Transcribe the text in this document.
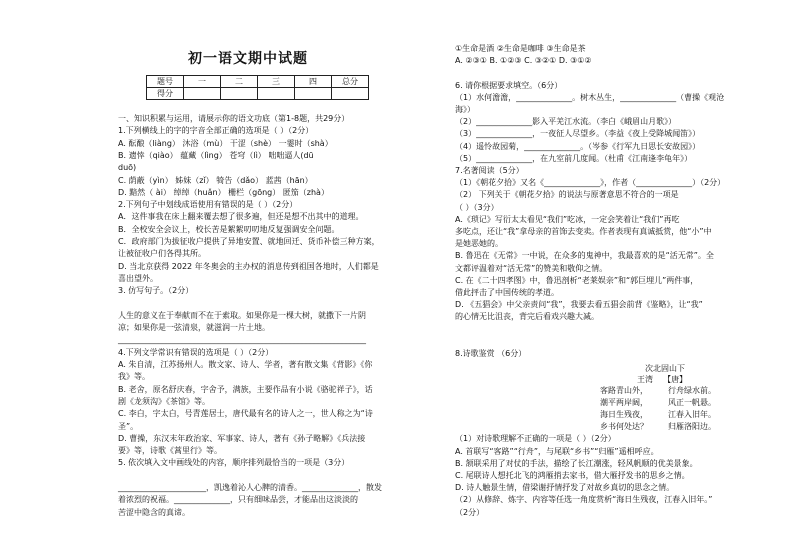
初一语文期中试题
题号	一	二	三	四	总分
得分					
一、知识积累与运用，请展示你的语文功底（第1-8题，共29分）
1.下列横线上的字的字音全部正确的选项是（ ）（2分）
A. 酝酿（liàng） 沐浴（mù） 干涩（shè） 一霎时（shà）
B. 遗悻（qiào） 蕴藏（lìng） 苍穹（lì） 咄咄逼人(dū
duō)
C. 荫蔽（yìn） 姊妹（zǐ） 犄告（dǎo） 蓝茜（hān）
D. 黯然（ ài） 绰绰（huǎn） 栅栏（gōng） 匿笳（zhà）
2.下列句子中划线成语使用有错误的是（ ）（2分）
A．这件事我在床上翻来覆去想了很多遍，但还是想不出其中的道理。
B．全校安全会议上，校长苦是絮絮叨叨地反复强调安全问题。
C．政府部门为拔征收户提供了异地安置、就地回迁、货币补偿三种方案，
让被征收户们各得其所。
D. 当北京获得 2022 年冬奥会的主办权的消息传到祖国各地时，人们都是
喜出望外。
3. 仿写句子。（2分）
人生的意义在于奉献而不在于索取。如果你是一棵大树，就撒下一片阴
凉；如果你是一弦清泉，就滋润一片土地。
______________________________________________________________
4.下列文学常识有错误的选项是（ ）（2分）
A. 朱自清，江苏扬州人。散文家、诗人、学者，著有散文集《背影》《你
我》等。
B. 老舍，原名舒庆春，字舍予，满族，主要作品有小说《骆驼祥子》，话
剧《龙须沟》《茶馆》等。
C. 李白，字太白，号青莲居士，唐代最有名的诗人之一，世人称之为“诗
圣”。
D. 曹操，东汉末年政治家、军事家、诗人，著有《孙子略解》《兵法接
要》等，诗歌《蒿里行》等。
5. 依次填入文中画线处的内容，顺序排列最恰当的一项是（3分）
______________________，凯逸着沁人心脾的清香。______________，散发
着浓烈的祝福。______________，只有细味品尝，才能品出这淡淡的
苦涩中隐含的真谛。
①生命是酒 ②生命是咖啡 ③生命是茶
A. ②③① B. ①②③ C. ③②① D. ③①②
6. 请你根据要求填空。（6分）
（1）水何澹澹，______________。树木丛生，______________（曹操《观沧
海》）
（2）______________影入平羌江水流。（李白《峨眉山月歌》）
（3）______________，一夜征人尽望乡。（李益《夜上受降城闻笛》）
（4）遥怜故园菊，______________。（岑参《行军九日思长安故园》）
（5）______________，在九室前几度闻。（杜甫《江南逢李龟年》）
7.名著阅读（5分）
（1）《朝花夕拾》又名《______________》，作者（______________）（2分）
（2） 下列关于《朝花夕拾》的说法与原著意思不符合的一项是
（ ）（3分）
A.《琐记》写衍太太看见“我们”吃冰，一定会笑着让“我们”再吃
多吃点，还让“我”拿母亲的首饰去变卖。作者表现有真诚抵赏，他“小”中
是她恶她的。
B. 鲁迅在《无常》一中说，在众多的鬼神中，我最喜欢的是“活无常”。全
文都评温着对“活无常”的赞美和敬仰之情。
C. 在《二十四孝图》中，鲁迅剖析“老莱娱亲”和“郭巨埋儿”两件事，
借此抨击了中国传统的孝道。
D. 《五猖会》中父亲责问“我”，我要去看五猖会前背《鉴略》，让“我”
的心情无比沮丧，背完后看戏兴趣大减。
8.诗歌鉴赏 （6分）
（1）对诗歌理解不正确的一项是（ ）（2分）
A. 首联写“客路”“行舟”，与尾联“乡书”“归雁”遥相呼应。
B. 颔联采用了对仗的手法，描绘了长江潮涨，轻风帆顺的优美景象。
C. 尾联诗人想托北飞的鸿雁捎去家书，借大雁抒发书的思乡之情。
D. 诗人触景生情，借梁谢抒情抒发了对故乡真切的思念之情。
（2）从修辞、炼字、内容等任选一角度赏析“海日生残夜，江春入旧年。”
（2分）
次北固山下
王湾 【唐】
客路青山外，	行舟绿水前。
潮平两岸阔，	风正一帆悬。
海日生残夜，	江春入旧年。
乡书何处达？	归雁洛阳边。
